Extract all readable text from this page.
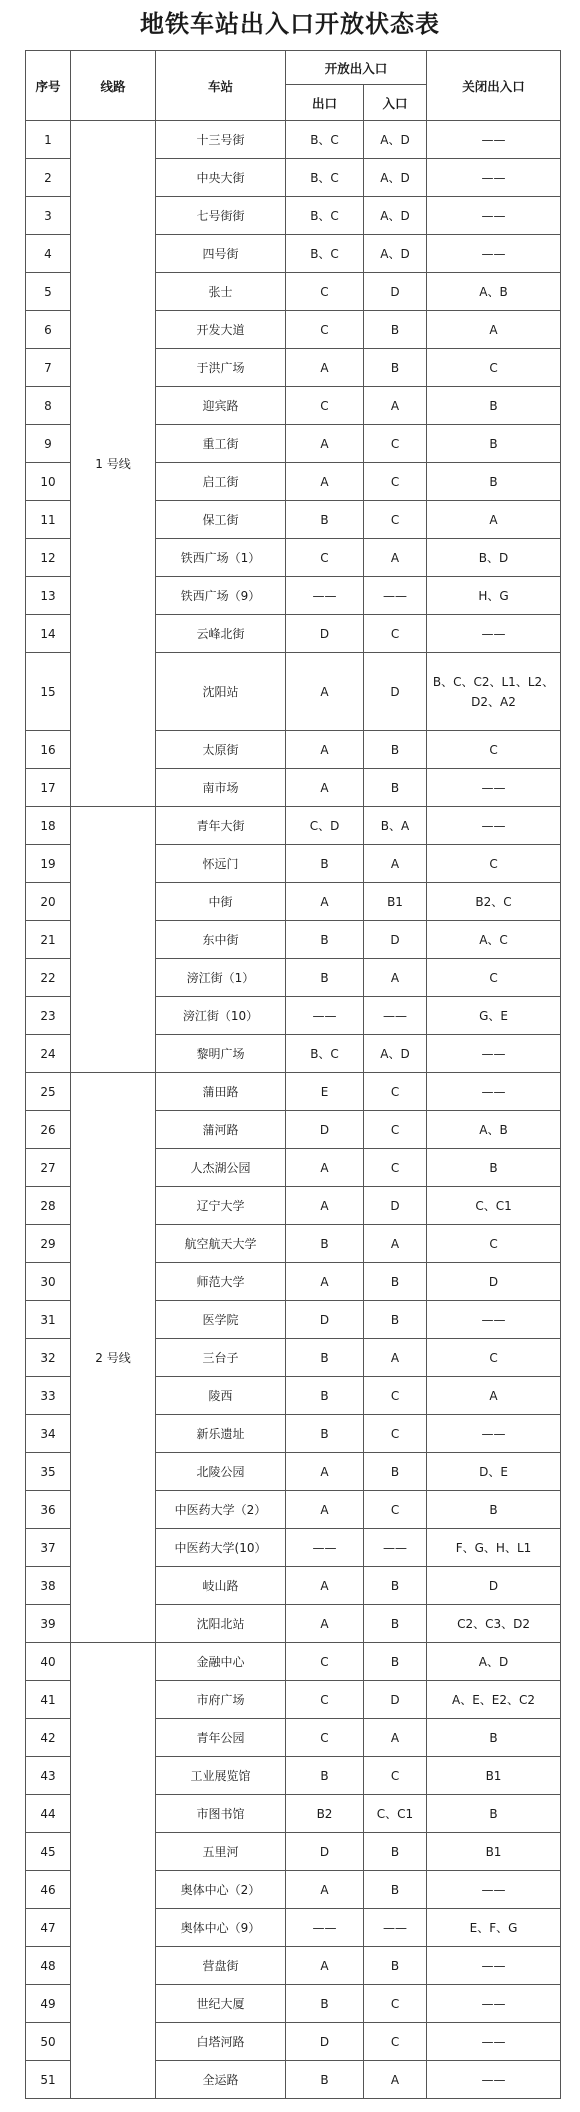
地铁车站出入口开放状态表
序号	线路	车站	开放出入口		关闭出入口
			出口	入口	
1	1 号线	十三号街	B、C	A、D	——
2		中央大街	B、C	A、D	——
3		七号街街	B、C	A、D	——
4		四号街	B、C	A、D	——
5		张士	C	D	A、B
6		开发大道	C	B	A
7		于洪广场	A	B	C
8		迎宾路	C	A	B
9		重工街	A	C	B
10		启工街	A	C	B
11		保工街	B	C	A
12		铁西广场（1）	C	A	B、D
13		铁西广场（9）	——	——	H、G
14		云峰北街	D	C	——
15		沈阳站	A	D	B、C、C2、L1、L2、D2、A2
16		太原街	A	B	C
17		南市场	A	B	——
18		青年大街	C、D	B、A	——
19		怀远门	B	A	C
20		中街	A	B1	B2、C
21		东中街	B	D	A、C
22		滂江街（1）	B	A	C
23		滂江街（10）	——	——	G、E
24		黎明广场	B、C	A、D	——
25	2 号线	蒲田路	E	C	——
26		蒲河路	D	C	A、B
27		人杰湖公园	A	C	B
28		辽宁大学	A	D	C、C1
29		航空航天大学	B	A	C
30		师范大学	A	B	D
31		医学院	D	B	——
32		三台子	B	A	C
33		陵西	B	C	A
34		新乐遗址	B	C	——
35		北陵公园	A	B	D、E
36		中医药大学（2）	A	C	B
37		中医药大学(10）	——	——	F、G、H、L1
38		岐山路	A	B	D
39		沈阳北站	A	B	C2、C3、D2
40		金融中心	C	B	A、D
41		市府广场	C	D	A、E、E2、C2
42		青年公园	C	A	B
43		工业展览馆	B	C	B1
44		市图书馆	B2	C、C1	B
45		五里河	D	B	B1
46		奥体中心（2）	A	B	——
47		奥体中心（9）	——	——	E、F、G
48		营盘街	A	B	——
49		世纪大厦	B	C	——
50		白塔河路	D	C	——
51		全运路	B	A	——
